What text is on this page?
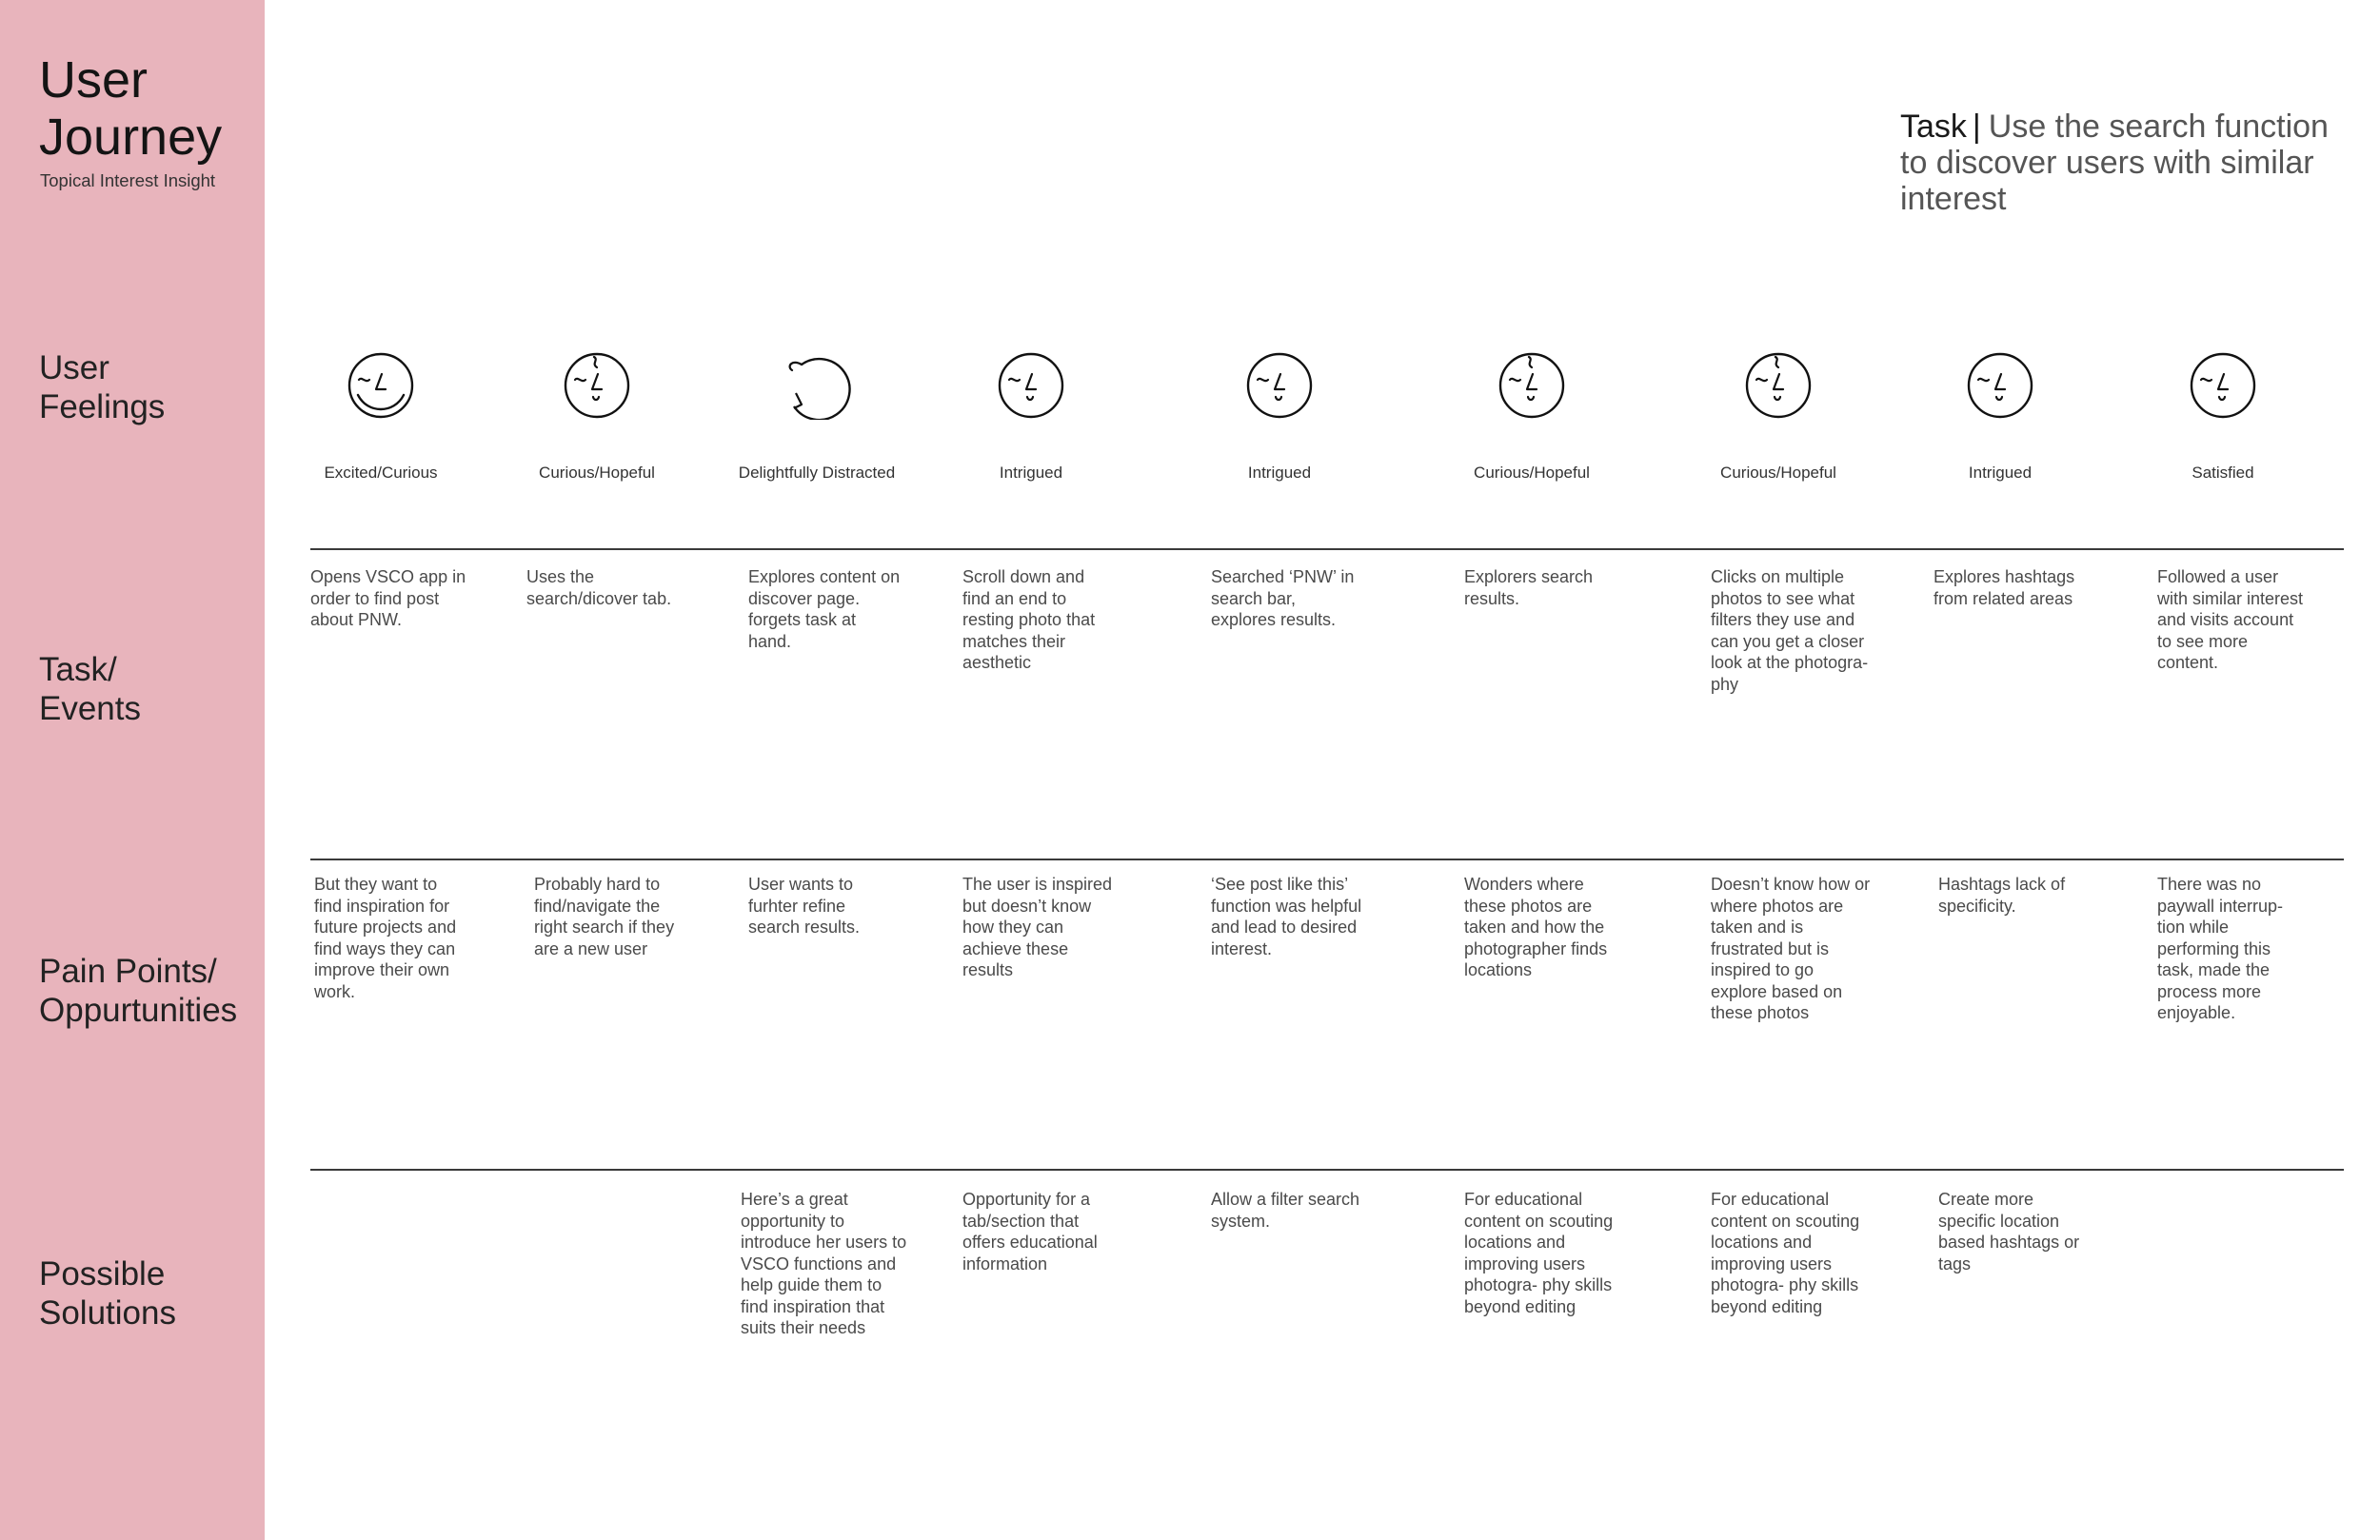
User Journey
Topical Interest Insight
User
Feelings
Task/
Events
Pain Points/
Oppurtunities
Possible
Solutions
Task | Use the search function to discover users with similar interest
Excited/Curious
Opens VSCO app in order to find post about PNW.
But they want to find inspiration for future projects and find ways they can improve their own work.
Curious/Hopeful
Uses the search/dicover tab.
Probably hard to find/navigate the right search if they are a new user
Delightfully Distracted
Explores content on discover page. forgets task at hand.
User wants to furhter refine search results.
Here’s a great opportunity to introduce her users to VSCO functions and help guide them to find inspiration that suits their needs
Intrigued
Scroll down and find an end to resting photo that matches their aesthetic
The user is inspired but doesn’t know how they can achieve these results
Opportunity for a tab/section that offers educational information
Intrigued
Searched ‘PNW’ in search bar, explores results.
‘See post like this’ function was helpful and lead to desired interest.
Allow a filter search system.
Curious/Hopeful
Explorers search results.
Wonders where these photos are taken and how the photographer finds locations
For educational content on scouting locations and improving users photogra- phy skills beyond editing
Curious/Hopeful
Clicks on multiple photos to see what filters they use and can you get a closer look at the photogra- phy
Doesn’t know how or where photos are taken and is frustrated but is inspired to go explore based on these photos
For educational content on scouting locations and improving users photogra- phy skills beyond editing
Intrigued
Explores hashtags from related areas
Hashtags lack of specificity.
Create more specific location based hashtags or tags
Satisfied
Followed a user with similar interest and visits account to see more content.
There was no paywall interrup- tion while performing this task, made the process more enjoyable.
